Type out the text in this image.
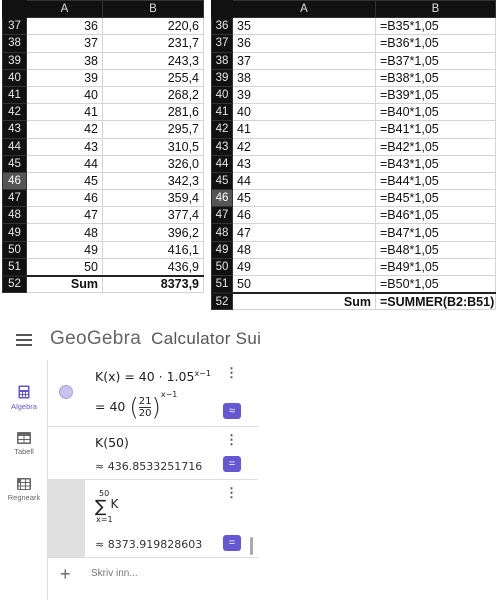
	A	B
37	36	220,6
38	37	231,7
39	38	243,3
40	39	255,4
41	40	268,2
42	41	281,6
43	42	295,7
44	43	310,5
45	44	326,0
46	45	342,3
47	46	359,4
48	47	377,4
49	48	396,2
50	49	416,1
51	50	436,9
52	Sum	8373,9
	A	B
36	35	=B35*1,05
37	36	=B36*1,05
38	37	=B37*1,05
39	38	=B38*1,05
40	39	=B39*1,05
41	40	=B40*1,05
42	41	=B41*1,05
43	42	=B42*1,05
44	43	=B43*1,05
45	44	=B44*1,05
46	45	=B45*1,05
47	46	=B46*1,05
48	47	=B47*1,05
49	48	=B48*1,05
50	49	=B49*1,05
51	50	=B50*1,05
52	Sum	=SUMMER(B2:B51)
GeoGebra Calculator Sui
Algebra
Tabell
Regneark
$K(x) = 40 \cdot 1.05^{x-1}$
= 40 ( $\frac{21}{20} )^{x-1}$
⋮
≈
K(50)
≈ 436.8533251716
⋮
=
50
∑ K
x=1
≈ 8373.919828603
⋮
=
+
Skriv inn...
